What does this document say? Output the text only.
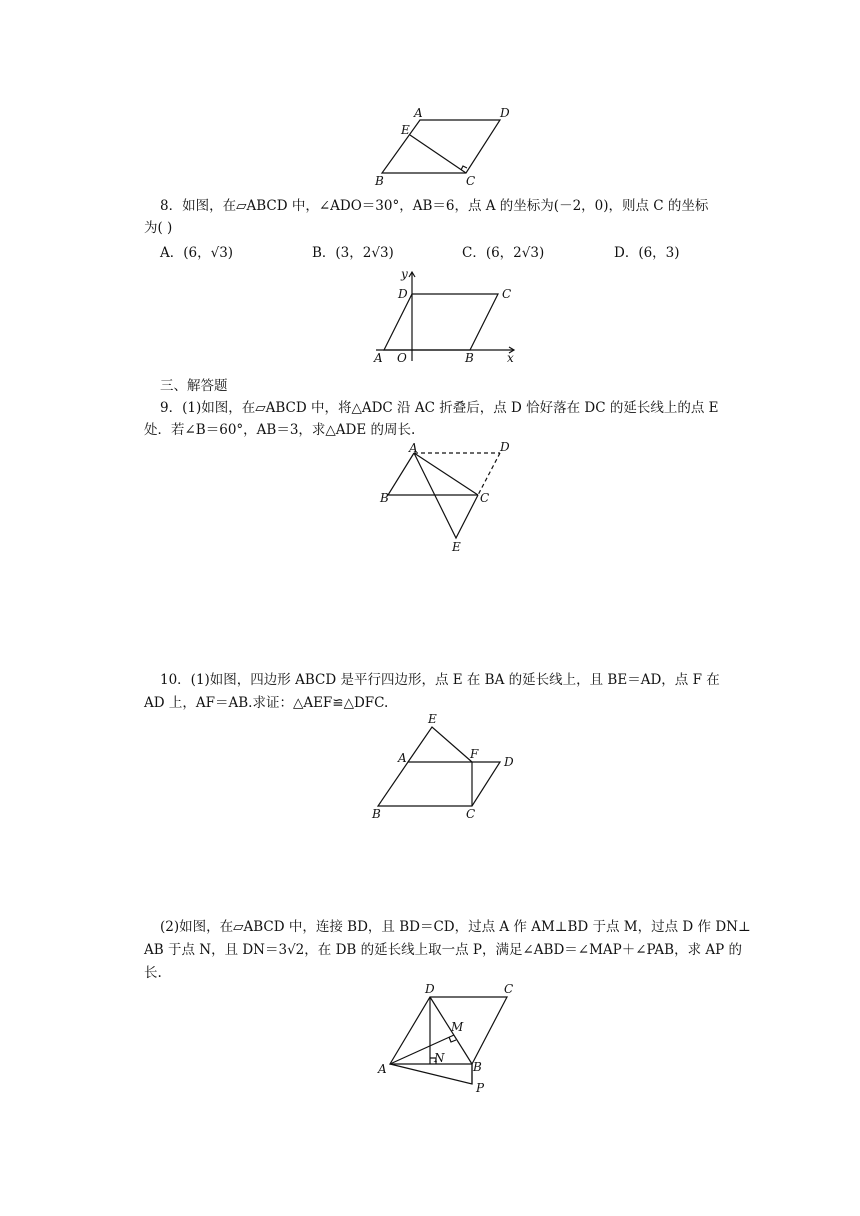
A	D
E
B	C
8．如图，在▱ABCD 中，∠ADO＝30°，AB＝6，点 A 的坐标为(－2，0)，则点 C 的坐标
为( )
A．(6，√3)	B．(3，2√3)	C．(6，2√3)	D．(6，3)
y
D	C
A O	B	x
三、解答题
9．(1)如图，在▱ABCD 中，将△ADC 沿 AC 折叠后，点 D 恰好落在 DC 的延长线上的点 E
处．若∠B＝60°，AB＝3，求△ADE 的周长.
A	D
B	C
E
10．(1)如图，四边形 ABCD 是平行四边形，点 E 在 BA 的延长线上，且 BE＝AD，点 F 在
AD 上，AF＝AB.求证：△AEF≌△DFC.
E
A	F
D
B	C
(2)如图，在▱ABCD 中，连接 BD，且 BD＝CD，过点 A 作 AM⊥BD 于点 M，过点 D 作 DN⊥
AB 于点 N，且 DN＝3√2，在 DB 的延长线上取一点 P，满足∠ABD＝∠MAP＋∠PAB，求 AP 的
长.
D	C
M
N
A	B
P
